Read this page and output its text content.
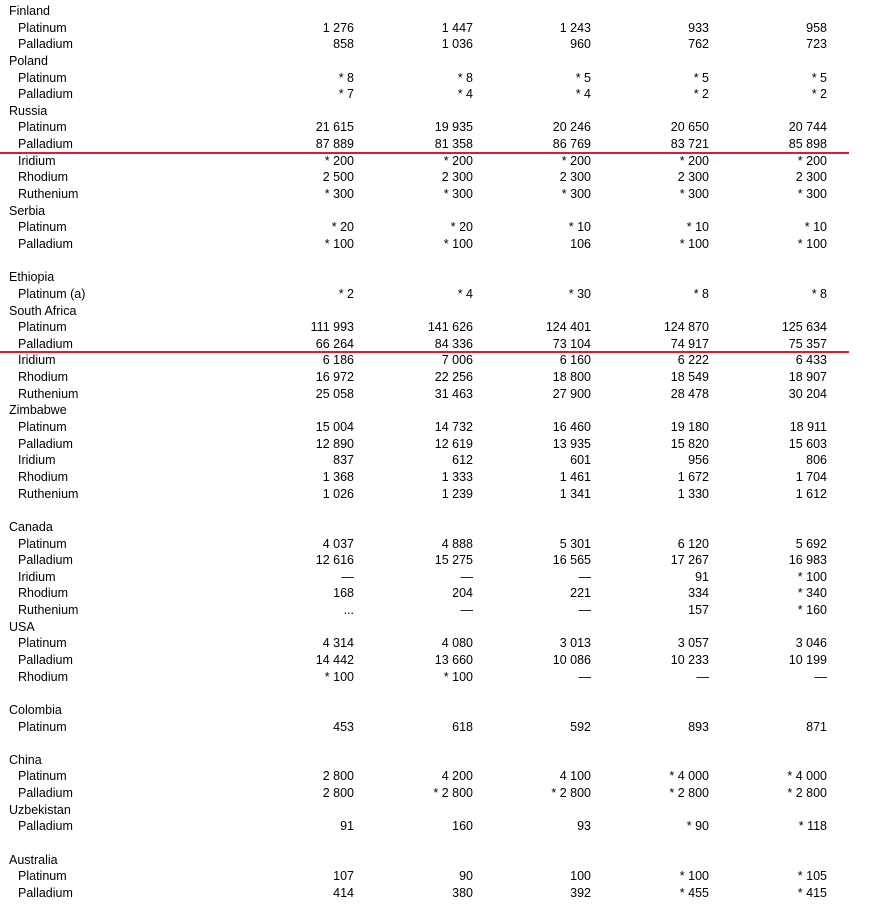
Finland
Platinum	1 276	1 447	1 243	933	958
Palladium	858	1 036	960	762	723
Poland
Platinum	* 8	* 8	* 5	* 5	* 5
Palladium	* 7	* 4	* 4	* 2	* 2
Russia
Platinum	21 615	19 935	20 246	20 650	20 744
Palladium	87 889	81 358	86 769	83 721	85 898
Iridium	* 200	* 200	* 200	* 200	* 200
Rhodium	2 500	2 300	2 300	2 300	2 300
Ruthenium	* 300	* 300	* 300	* 300	* 300
Serbia
Platinum	* 20	* 20	* 10	* 10	* 10
Palladium	* 100	* 100	106	* 100	* 100
Ethiopia
Platinum (a)	* 2	* 4	* 30	* 8	* 8
South Africa
Platinum	111 993	141 626	124 401	124 870	125 634
Palladium	66 264	84 336	73 104	74 917	75 357
Iridium	6 186	7 006	6 160	6 222	6 433
Rhodium	16 972	22 256	18 800	18 549	18 907
Ruthenium	25 058	31 463	27 900	28 478	30 204
Zimbabwe
Platinum	15 004	14 732	16 460	19 180	18 911
Palladium	12 890	12 619	13 935	15 820	15 603
Iridium	837	612	601	956	806
Rhodium	1 368	1 333	1 461	1 672	1 704
Ruthenium	1 026	1 239	1 341	1 330	1 612
Canada
Platinum	4 037	4 888	5 301	6 120	5 692
Palladium	12 616	15 275	16 565	17 267	16 983
Iridium	—	—	—	91	* 100
Rhodium	168	204	221	334	* 340
Ruthenium	...	—	—	157	* 160
USA
Platinum	4 314	4 080	3 013	3 057	3 046
Palladium	14 442	13 660	10 086	10 233	10 199
Rhodium	* 100	* 100	—	—	—
Colombia
Platinum	453	618	592	893	871
China
Platinum	2 800	4 200	4 100	* 4 000	* 4 000
Palladium	2 800	* 2 800	* 2 800	* 2 800	* 2 800
Uzbekistan
Palladium	91	160	93	* 90	* 118
Australia
Platinum	107	90	100	* 100	* 105
Palladium	414	380	392	* 455	* 415
